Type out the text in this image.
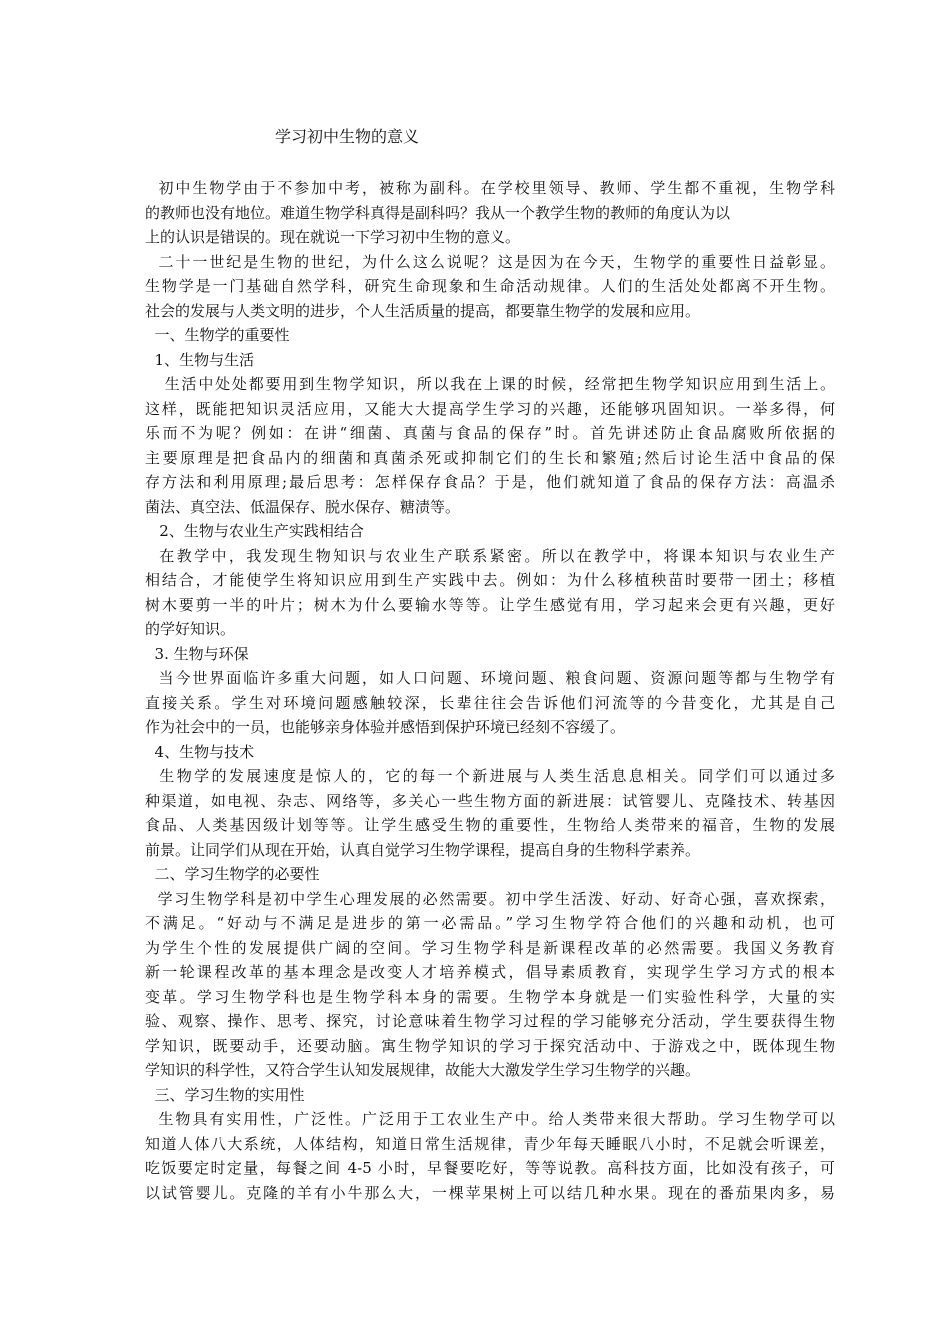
学习初中生物的意义
初中生物学由于不参加中考，被称为副科。在学校里领导、教师、学生都不重视，生物学科
的教师也没有地位。难道生物学科真得是副科吗？我从一个教学生物的教师的角度认为以
上的认识是错误的。现在就说一下学习初中生物的意义。
二十一世纪是生物的世纪，为什么这么说呢？这是因为在今天，生物学的重要性日益彰显。
生物学是一门基础自然学科，研究生命现象和生命活动规律。人们的生活处处都离不开生物。
社会的发展与人类文明的进步，个人生活质量的提高，都要靠生物学的发展和应用。
一、生物学的重要性
1、生物与生活
生活中处处都要用到生物学知识，所以我在上课的时候，经常把生物学知识应用到生活上。
这样，既能把知识灵活应用，又能大大提高学生学习的兴趣，还能够巩固知识。一举多得，何
乐而不为呢？例如：在讲“细菌、真菌与食品的保存”时。首先讲述防止食品腐败所依据的
主要原理是把食品内的细菌和真菌杀死或抑制它们的生长和繁殖;然后讨论生活中食品的保
存方法和利用原理;最后思考：怎样保存食品？于是，他们就知道了食品的保存方法：高温杀
菌法、真空法、低温保存、脱水保存、糖渍等。
2、生物与农业生产实践相结合
在教学中，我发现生物知识与农业生产联系紧密。所以在教学中，将课本知识与农业生产
相结合，才能使学生将知识应用到生产实践中去。例如：为什么移植秧苗时要带一团土；移植
树木要剪一半的叶片；树木为什么要输水等等。让学生感觉有用，学习起来会更有兴趣，更好
的学好知识。
3. 生物与环保
当今世界面临许多重大问题，如人口问题、环境问题、粮食问题、资源问题等都与生物学有
直接关系。学生对环境问题感触较深，长辈往往会告诉他们河流等的今昔变化，尤其是自己
作为社会中的一员，也能够亲身体验并感悟到保护环境已经刻不容缓了。
4、生物与技术
生物学的发展速度是惊人的，它的每一个新进展与人类生活息息相关。同学们可以通过多
种渠道，如电视、杂志、网络等，多关心一些生物方面的新进展：试管婴儿、克隆技术、转基因
食品、人类基因级计划等等。让学生感受生物的重要性，生物给人类带来的福音，生物的发展
前景。让同学们从现在开始，认真自觉学习生物学课程，提高自身的生物科学素养。
二、学习生物学的必要性
学习生物学科是初中学生心理发展的必然需要。初中学生活泼、好动、好奇心强，喜欢探索，
不满足。“好动与不满足是进步的第一必需品。”学习生物学符合他们的兴趣和动机，也可
为学生个性的发展提供广阔的空间。学习生物学科是新课程改革的必然需要。我国义务教育
新一轮课程改革的基本理念是改变人才培养模式，倡导素质教育，实现学生学习方式的根本
变革。学习生物学科也是生物学科本身的需要。生物学本身就是一们实验性科学，大量的实
验、观察、操作、思考、探究，讨论意味着生物学习过程的学习能够充分活动，学生要获得生物
学知识，既要动手，还要动脑。寓生物学知识的学习于探究活动中、于游戏之中，既体现生物
学知识的科学性，又符合学生认知发展规律，故能大大激发学生学习生物学的兴趣。
三、学习生物的实用性
生物具有实用性，广泛性。广泛用于工农业生产中。给人类带来很大帮助。学习生物学可以
知道人体八大系统，人体结构，知道日常生活规律，青少年每天睡眠八小时，不足就会听课差，
吃饭要定时定量，每餐之间 4-5 小时，早餐要吃好，等等说教。高科技方面，比如没有孩子，可
以试管婴儿。克隆的羊有小牛那么大，一棵苹果树上可以结几种水果。现在的番茄果肉多，易
